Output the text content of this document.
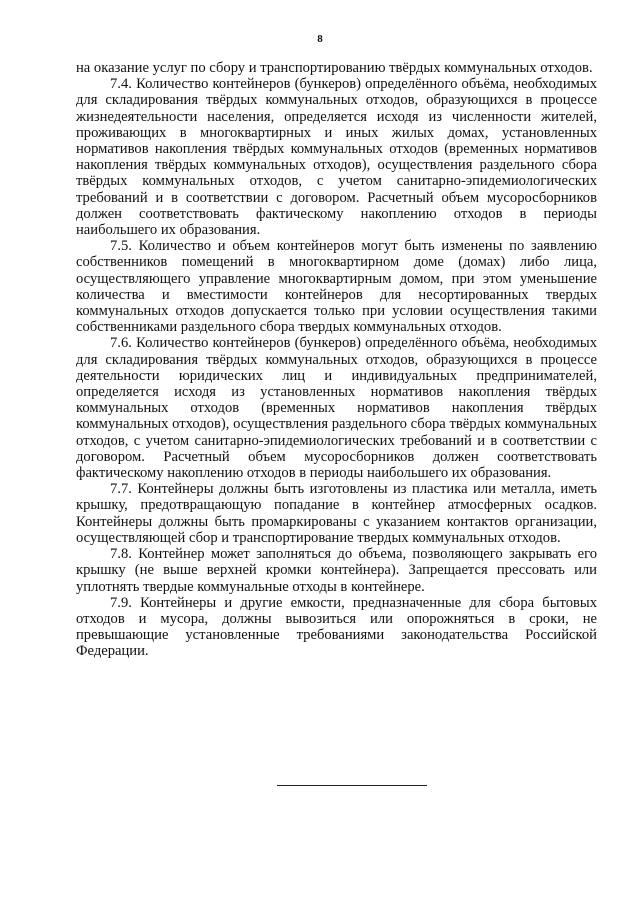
8

на оказание услуг по сбору и транспортированию твёрдых коммунальных отходов.

7.4. Количество контейнеров (бункеров) определённого объёма, необходимых для складирования твёрдых коммунальных отходов, образующихся в процессе жизнедеятельности населения, определяется исходя из численности жителей, проживающих в многоквартирных и иных жилых домах, установленных нормативов накопления твёрдых коммунальных отходов (временных нормативов накопления твёрдых коммунальных отходов), осуществления раздельного сбора твёрдых коммунальных отходов, с учетом санитарно-эпидемиологических требований и в соответствии с договором. Расчетный объем мусоросборников должен соответствовать фактическому накоплению отходов в периоды наибольшего их образования.

7.5. Количество и объем контейнеров могут быть изменены по заявлению собственников помещений в многоквартирном доме (домах) либо лица, осуществляющего управление многоквартирным домом, при этом уменьшение количества и вместимости контейнеров для несортированных твердых коммунальных отходов допускается только при условии осуществления такими собственниками раздельного сбора твердых коммунальных отходов.

7.6. Количество контейнеров (бункеров) определённого объёма, необходимых для складирования твёрдых коммунальных отходов, образующихся в процессе деятельности юридических лиц и индивидуальных предпринимателей, определяется исходя из установленных нормативов накопления твёрдых коммунальных отходов (временных нормативов накопления твёрдых коммунальных отходов), осуществления раздельного сбора твёрдых коммунальных отходов, с учетом санитарно-эпидемиологических требований и в соответствии с договором. Расчетный объем мусоросборников должен соответствовать фактическому накоплению отходов в периоды наибольшего их образования.

7.7. Контейнеры должны быть изготовлены из пластика или металла, иметь крышку, предотвращающую попадание в контейнер атмосферных осадков. Контейнеры должны быть промаркированы с указанием контактов организации, осуществляющей сбор и транспортирование твердых коммунальных отходов.

7.8. Контейнер может заполняться до объема, позволяющего закрывать его крышку (не выше верхней кромки контейнера). Запрещается прессовать или уплотнять твердые коммунальные отходы в контейнере.

7.9. Контейнеры и другие емкости, предназначенные для сбора бытовых отходов и мусора, должны вывозиться или опорожняться в сроки, не превышающие установленные требованиями законодательства Российской Федерации.
